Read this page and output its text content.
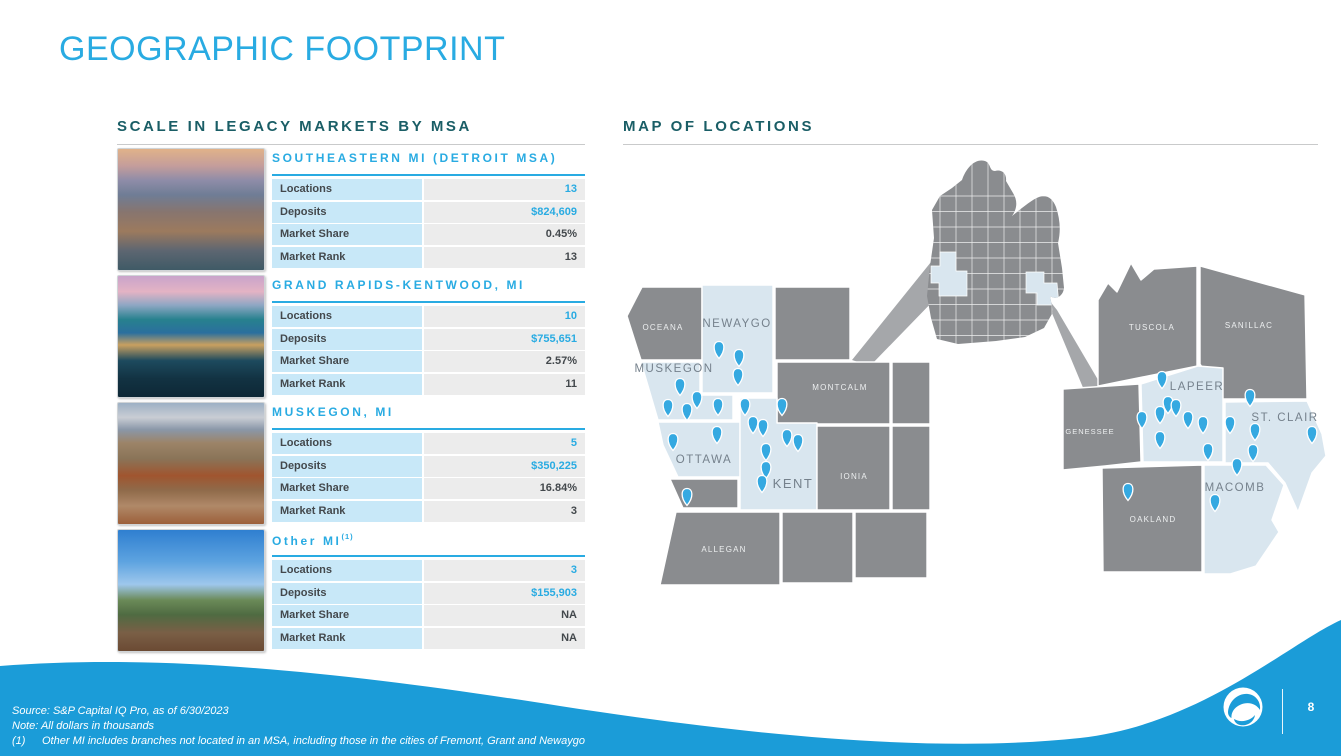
GEOGRAPHIC FOOTPRINT
SCALE IN LEGACY MARKETS BY MSA	MAP OF LOCATIONS
SOUTHEASTERN MI (DETROIT MSA)
Locations	13
Deposits	$824,609
Market Share	0.45%
Market Rank	13
GRAND RAPIDS-KENTWOOD, MI
Locations	10
Deposits	$755,651
Market Share	2.57%
Market Rank	11
MUSKEGON, MI
Locations	5
Deposits	$350,225
Market Share	16.84%
Market Rank	3
Other MI$^{(1)}$
Locations	3
Deposits	$155,903
Market Share	NA
Market Rank	NA
OCEANA NEWAYGO
MUSKEGON
MONTCALM
OTTAWA
KENT	IONIA
ALLEGAN
TUSCOLA	SANILLAC
LAPEER
ST. CLAIR
GENESSEE
OAKLAND
MACOMB
Source: S&P Capital IQ Pro, as of 6/30/2023
Note: All dollars in thousands
(1) Other MI includes branches not located in an MSA, including those in the cities of Fremont, Grant and Newaygo
8
